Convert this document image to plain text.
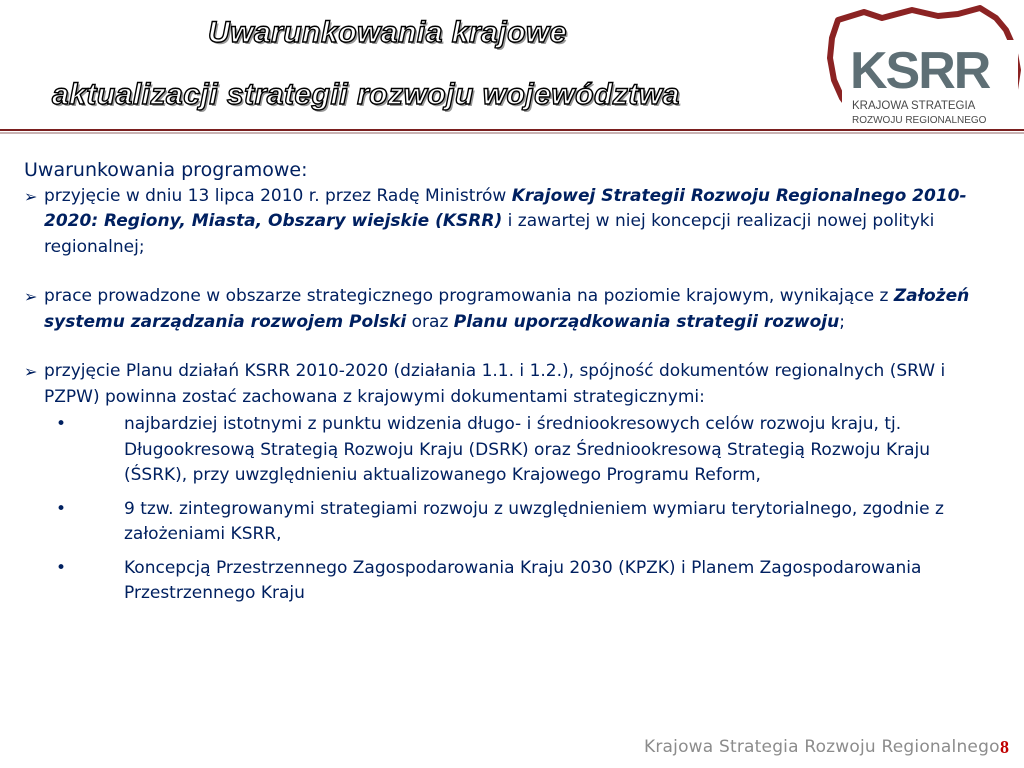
Uwarunkowania krajowe
aktualizacji strategii rozwoju województwa	KSRR
KRAJOWA STRATEGIA
ROZWOJU REGIONALNEGO

Uwarunkowania programowe:

➢ przyjęcie w dniu 13 lipca 2010 r. przez Radę Ministrów Krajowej Strategii Rozwoju Regionalnego 2010-2020: Regiony, Miasta, Obszary wiejskie (KSRR) i zawartej w niej koncepcji realizacji nowej polityki regionalnej;

➢ prace prowadzone w obszarze strategicznego programowania na poziomie krajowym, wynikające z Założeń systemu zarządzania rozwojem Polski oraz Planu uporządkowania strategii rozwoju;

➢ przyjęcie Planu działań KSRR 2010-2020 (działania 1.1. i 1.2.), spójność dokumentów regionalnych (SRW i PZPW) powinna zostać zachowana z krajowymi dokumentami strategicznymi:

•	najbardziej istotnymi z punktu widzenia długo- i średniookresowych celów rozwoju kraju, tj. Długookresową Strategią Rozwoju Kraju (DSRK) oraz Średniookresową Strategią Rozwoju Kraju (ŚSRK), przy uwzględnieniu aktualizowanego Krajowego Programu Reform,

•	9 tzw. zintegrowanymi strategiami rozwoju z uwzględnieniem wymiaru terytorialnego, zgodnie z założeniami KSRR,

•	Koncepcją Przestrzennego Zagospodarowania Kraju 2030 (KPZK) i Planem Zagospodarowania Przestrzennego Kraju

Krajowa Strategia Rozwoju Regionalnego 8
